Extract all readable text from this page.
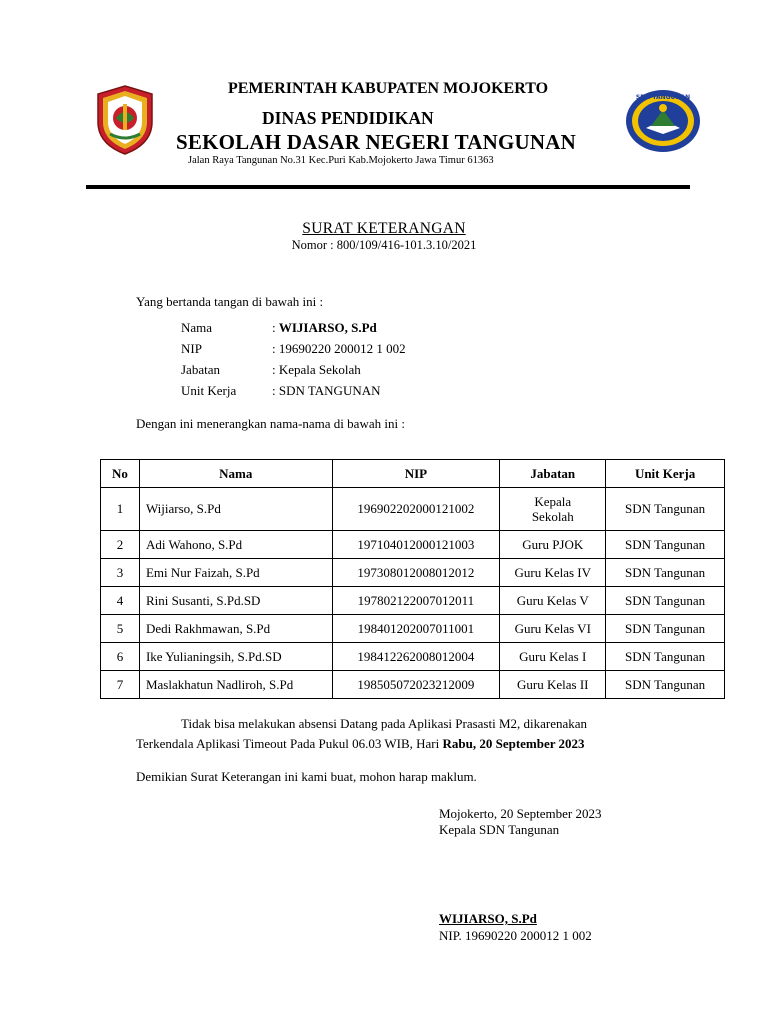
SDN TANGUNAN
PEMERINTAH KABUPATEN MOJOKERTO
DINAS PENDIDIKAN
SEKOLAH DASAR NEGERI TANGUNAN
Jalan Raya Tangunan No.31 Kec.Puri Kab.Mojokerto Jawa Timur 61363
SURAT KETERANGAN
Nomor : 800/109/416-101.3.10/2021
Yang bertanda tangan di bawah ini :
Nama	: WIJIARSO, S.Pd
NIP	: 19690220 200012 1 002
Jabatan	: Kepala Sekolah
Unit Kerja	: SDN TANGUNAN
Dengan ini menerangkan nama-nama di bawah ini :
No	Nama	NIP	Jabatan	Unit Kerja
1	Wijiarso, S.Pd	196902202000121002	Kepala Sekolah	SDN Tangunan
2	Adi Wahono, S.Pd	197104012000121003	Guru PJOK	SDN Tangunan
3	Emi Nur Faizah, S.Pd	197308012008012012	Guru Kelas IV	SDN Tangunan
4	Rini Susanti, S.Pd.SD	197802122007012011	Guru Kelas V	SDN Tangunan
5	Dedi Rakhmawan, S.Pd	198401202007011001	Guru Kelas VI	SDN Tangunan
6	Ike Yulianingsih, S.Pd.SD	198412262008012004	Guru Kelas I	SDN Tangunan
7	Maslakhatun Nadliroh, S.Pd	198505072023212009	Guru Kelas II	SDN Tangunan
Tidak bisa melakukan absensi Datang pada Aplikasi Prasasti M2, dikarenakan
Terkendala Aplikasi Timeout Pada Pukul 06.03 WIB, Hari Rabu, 20 September 2023
Demikian Surat Keterangan ini kami buat, mohon harap maklum.
Mojokerto, 20 September 2023
Kepala SDN Tangunan
WIJIARSO, S.Pd
NIP. 19690220 200012 1 002
